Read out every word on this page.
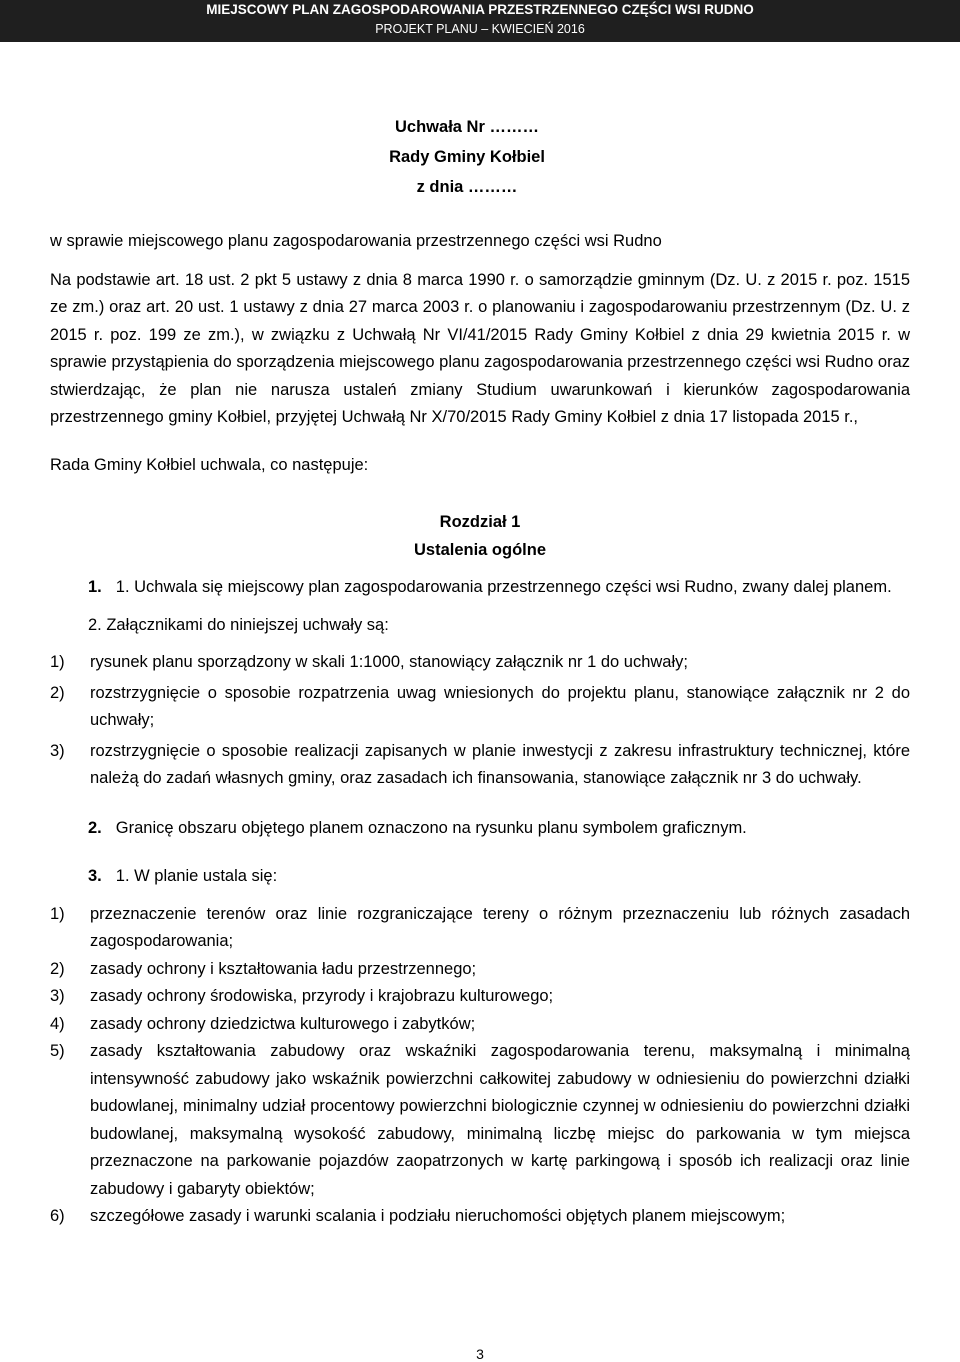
MIEJSCOWY PLAN ZAGOSPODAROWANIA PRZESTRZENNEGO CZĘŚCI WSI RUDNO
PROJEKT PLANU – KWIECIEŃ 2016
Uchwała Nr ………
Rady Gminy Kołbiel
z dnia ………
w sprawie miejscowego planu zagospodarowania przestrzennego części wsi Rudno
Na podstawie art. 18 ust. 2 pkt 5 ustawy z dnia 8 marca 1990 r. o samorządzie gminnym (Dz. U. z 2015 r. poz. 1515 ze zm.) oraz art. 20 ust. 1 ustawy z dnia 27 marca 2003 r. o planowaniu i zagospodarowaniu przestrzennym (Dz. U. z 2015 r. poz. 199 ze zm.), w związku z Uchwałą Nr VI/41/2015 Rady Gminy Kołbiel z dnia 29 kwietnia 2015 r. w sprawie przystąpienia do sporządzenia miejscowego planu zagospodarowania przestrzennego części wsi Rudno oraz stwierdzając, że plan nie narusza ustaleń zmiany Studium uwarunkowań i kierunków zagospodarowania przestrzennego gminy Kołbiel, przyjętej Uchwałą Nr X/70/2015 Rady Gminy Kołbiel z dnia 17 listopada 2015 r.,
Rada Gminy Kołbiel uchwala, co następuje:
Rozdział 1
Ustalenia ogólne
1. 1. Uchwala się miejscowy plan zagospodarowania przestrzennego części wsi Rudno, zwany dalej planem.
2. Załącznikami do niniejszej uchwały są:
1) rysunek planu sporządzony w skali 1:1000, stanowiący załącznik nr 1 do uchwały;
2) rozstrzygnięcie o sposobie rozpatrzenia uwag wniesionych do projektu planu, stanowiące załącznik nr 2 do uchwały;
3) rozstrzygnięcie o sposobie realizacji zapisanych w planie inwestycji z zakresu infrastruktury technicznej, które należą do zadań własnych gminy, oraz zasadach ich finansowania, stanowiące załącznik nr 3 do uchwały.
2. Granicę obszaru objętego planem oznaczono na rysunku planu symbolem graficznym.
3. 1. W planie ustala się:
1) przeznaczenie terenów oraz linie rozgraniczające tereny o różnym przeznaczeniu lub różnych zasadach zagospodarowania;
2) zasady ochrony i kształtowania ładu przestrzennego;
3) zasady ochrony środowiska, przyrody i krajobrazu kulturowego;
4) zasady ochrony dziedzictwa kulturowego i zabytków;
5) zasady kształtowania zabudowy oraz wskaźniki zagospodarowania terenu, maksymalną i minimalną intensywność zabudowy jako wskaźnik powierzchni całkowitej zabudowy w odniesieniu do powierzchni działki budowlanej, minimalny udział procentowy powierzchni biologicznie czynnej w odniesieniu do powierzchni działki budowlanej, maksymalną wysokość zabudowy, minimalną liczbę miejsc do parkowania w tym miejsca przeznaczone na parkowanie pojazdów zaopatrzonych w kartę parkingową i sposób ich realizacji oraz linie zabudowy i gabaryty obiektów;
6) szczegółowe zasady i warunki scalania i podziału nieruchomości objętych planem miejscowym;
3
